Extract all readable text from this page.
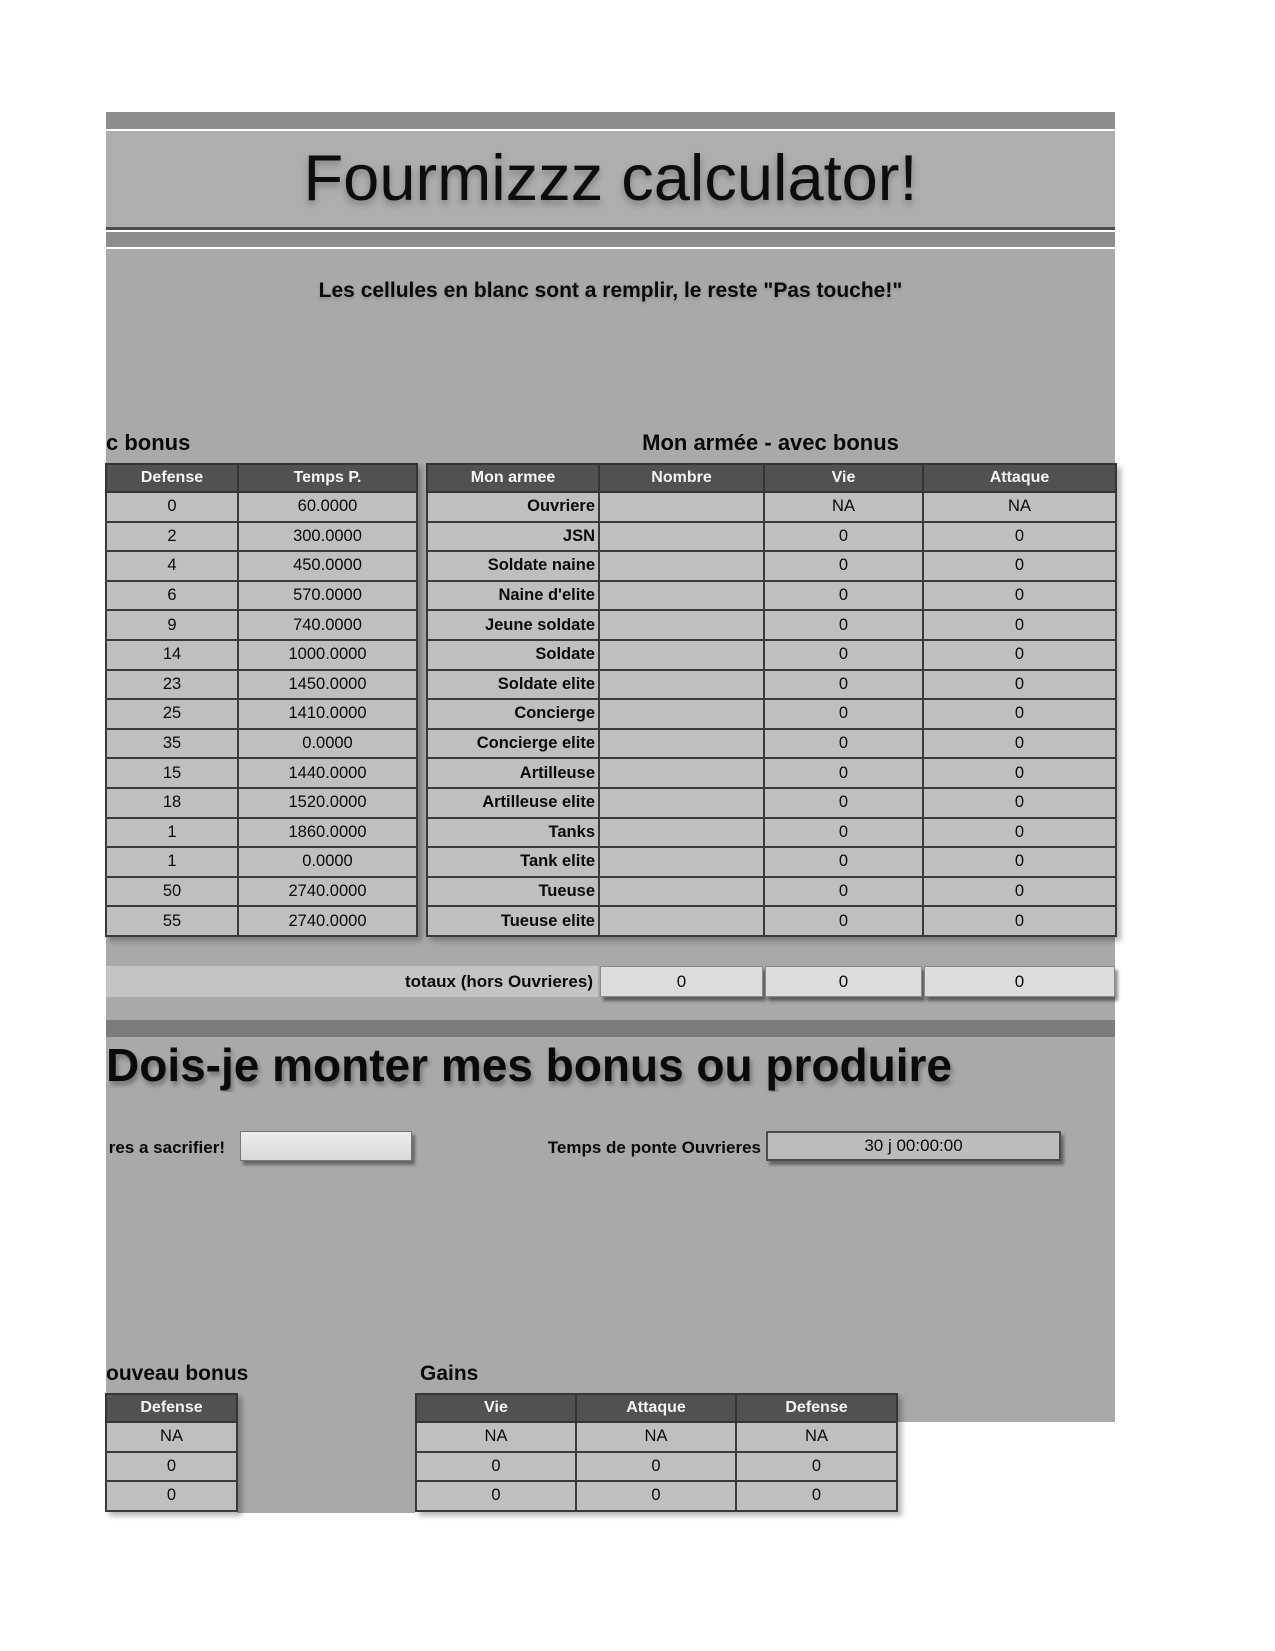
Fourmizzz calculator!
Les cellules en blanc sont a remplir, le reste "Pas touche!"
c bonus	Mon armée - avec bonus
Defense	Temps P.
0	60.0000
2	300.0000
4	450.0000
6	570.0000
9	740.0000
14	1000.0000
23	1450.0000
25	1410.0000
35	0.0000
15	1440.0000
18	1520.0000
1	1860.0000
1	0.0000
50	2740.0000
55	2740.0000
Mon armee	Nombre	Vie	Attaque
Ouvriere		NA	NA
JSN		0	0
Soldate naine		0	0
Naine d'elite		0	0
Jeune soldate		0	0
Soldate		0	0
Soldate elite		0	0
Concierge		0	0
Concierge elite		0	0
Artilleuse		0	0
Artilleuse elite		0	0
Tanks		0	0
Tank elite		0	0
Tueuse		0	0
Tueuse elite		0	0
totaux (hors Ouvrieres)	0	0	0
Dois-je monter mes bonus ou produire
res a sacrifier!	Temps de ponte Ouvrieres	30 j 00:00:00
ouveau bonus	Gains
Defense
NA
0
0
Vie	Attaque	Defense
NA	NA	NA
0	0	0
0	0	0
